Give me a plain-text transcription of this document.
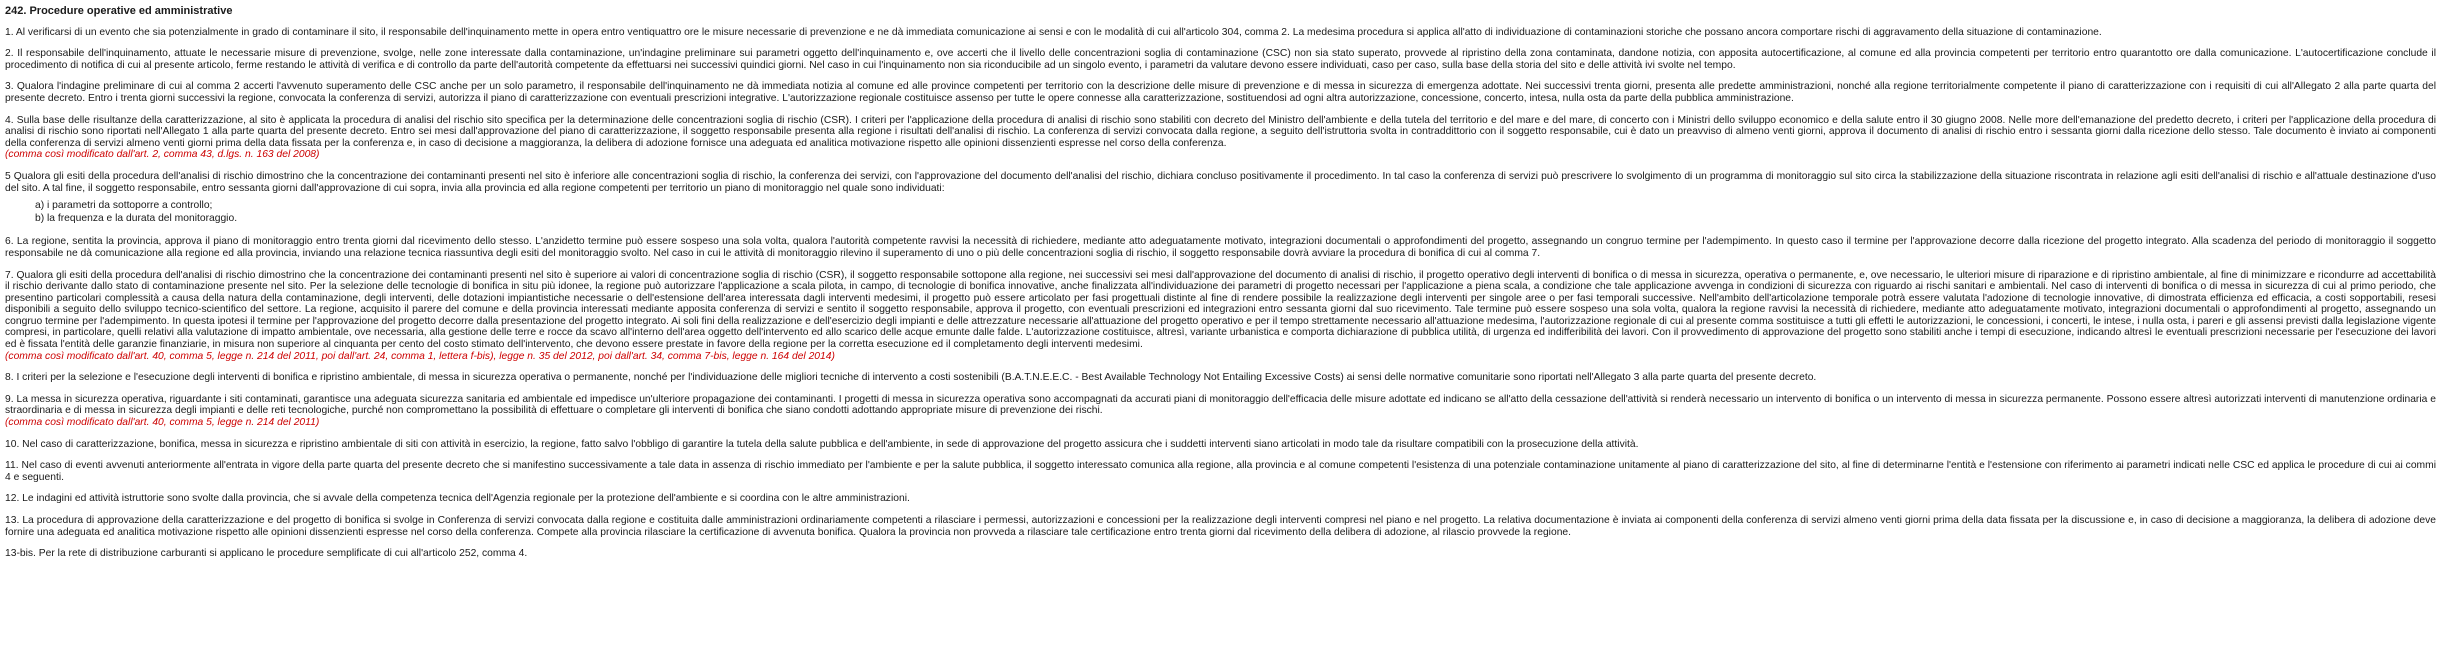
242. Procedure operative ed amministrative

1. Al verificarsi di un evento che sia potenzialmente in grado di contaminare il sito, il responsabile dell'inquinamento mette in opera entro ventiquattro ore le misure necessarie di prevenzione e ne dà immediata comunicazione ai sensi e con le modalità di cui all'articolo 304, comma 2. La medesima procedura si applica all'atto di individuazione di contaminazioni storiche che possano ancora comportare rischi di aggravamento della situazione di contaminazione.

2. Il responsabile dell'inquinamento, attuate le necessarie misure di prevenzione, svolge, nelle zone interessate dalla contaminazione, un'indagine preliminare sui parametri oggetto dell'inquinamento e, ove accerti che il livello delle concentrazioni soglia di contaminazione (CSC) non sia stato superato, provvede al ripristino della zona contaminata, dandone notizia, con apposita autocertificazione, al comune ed alla provincia competenti per territorio entro quarantotto ore dalla comunicazione. L'autocertificazione conclude il procedimento di notifica di cui al presente articolo, ferme restando le attività di verifica e di controllo da parte dell'autorità competente da effettuarsi nei successivi quindici giorni. Nel caso in cui l'inquinamento non sia riconducibile ad un singolo evento, i parametri da valutare devono essere individuati, caso per caso, sulla base della storia del sito e delle attività ivi svolte nel tempo.

3. Qualora l'indagine preliminare di cui al comma 2 accerti l'avvenuto superamento delle CSC anche per un solo parametro, il responsabile dell'inquinamento ne dà immediata notizia al comune ed alle province competenti per territorio con la descrizione delle misure di prevenzione e di messa in sicurezza di emergenza adottate. Nei successivi trenta giorni, presenta alle predette amministrazioni, nonché alla regione territorialmente competente il piano di caratterizzazione con i requisiti di cui all'Allegato 2 alla parte quarta del presente decreto. Entro i trenta giorni successivi la regione, convocata la conferenza di servizi, autorizza il piano di caratterizzazione con eventuali prescrizioni integrative. L'autorizzazione regionale costituisce assenso per tutte le opere connesse alla caratterizzazione, sostituendosi ad ogni altra autorizzazione, concessione, concerto, intesa, nulla osta da parte della pubblica amministrazione.

4. Sulla base delle risultanze della caratterizzazione, al sito è applicata la procedura di analisi del rischio sito specifica per la determinazione delle concentrazioni soglia di rischio (CSR). I criteri per l'applicazione della procedura di analisi di rischio sono stabiliti con decreto del Ministro dell'ambiente e della tutela del territorio e del mare e del mare, di concerto con i Ministri dello sviluppo economico e della salute entro il 30 giugno 2008. Nelle more dell'emanazione del predetto decreto, i criteri per l'applicazione della procedura di analisi di rischio sono riportati nell'Allegato 1 alla parte quarta del presente decreto. Entro sei mesi dall'approvazione del piano di caratterizzazione, il soggetto responsabile presenta alla regione i risultati dell'analisi di rischio. La conferenza di servizi convocata dalla regione, a seguito dell'istruttoria svolta in contraddittorio con il soggetto responsabile, cui è dato un preavviso di almeno venti giorni, approva il documento di analisi di rischio entro i sessanta giorni dalla ricezione dello stesso. Tale documento è inviato ai componenti della conferenza di servizi almeno venti giorni prima della data fissata per la conferenza e, in caso di decisione a maggioranza, la delibera di adozione fornisce una adeguata ed analitica motivazione rispetto alle opinioni dissenzienti espresse nel corso della conferenza.
(comma così modificato dall'art. 2, comma 43, d.lgs. n. 163 del 2008)

5 Qualora gli esiti della procedura dell'analisi di rischio dimostrino che la concentrazione dei contaminanti presenti nel sito è inferiore alle concentrazioni soglia di rischio, la conferenza dei servizi, con l'approvazione del documento dell'analisi del rischio, dichiara concluso positivamente il procedimento. In tal caso la conferenza di servizi può prescrivere lo svolgimento di un programma di monitoraggio sul sito circa la stabilizzazione della situazione riscontrata in relazione agli esiti dell'analisi di rischio e all'attuale destinazione d'uso del sito. A tal fine, il soggetto responsabile, entro sessanta giorni dall'approvazione di cui sopra, invia alla provincia ed alla regione competenti per territorio un piano di monitoraggio nel quale sono individuati:

a) i parametri da sottoporre a controllo;
b) la frequenza e la durata del monitoraggio.

6. La regione, sentita la provincia, approva il piano di monitoraggio entro trenta giorni dal ricevimento dello stesso. L'anzidetto termine può essere sospeso una sola volta, qualora l'autorità competente ravvisi la necessità di richiedere, mediante atto adeguatamente motivato, integrazioni documentali o approfondimenti del progetto, assegnando un congruo termine per l'adempimento. In questo caso il termine per l'approvazione decorre dalla ricezione del progetto integrato. Alla scadenza del periodo di monitoraggio il soggetto responsabile ne dà comunicazione alla regione ed alla provincia, inviando una relazione tecnica riassuntiva degli esiti del monitoraggio svolto. Nel caso in cui le attività di monitoraggio rilevino il superamento di uno o più delle concentrazioni soglia di rischio, il soggetto responsabile dovrà avviare la procedura di bonifica di cui al comma 7.

7. Qualora gli esiti della procedura dell'analisi di rischio dimostrino che la concentrazione dei contaminanti presenti nel sito è superiore ai valori di concentrazione soglia di rischio (CSR), il soggetto responsabile sottopone alla regione, nei successivi sei mesi dall'approvazione del documento di analisi di rischio, il progetto operativo degli interventi di bonifica o di messa in sicurezza, operativa o permanente, e, ove necessario, le ulteriori misure di riparazione e di ripristino ambientale, al fine di minimizzare e ricondurre ad accettabilità il rischio derivante dallo stato di contaminazione presente nel sito. Per la selezione delle tecnologie di bonifica in situ più idonee, la regione può autorizzare l'applicazione a scala pilota, in campo, di tecnologie di bonifica innovative, anche finalizzata all'individuazione dei parametri di progetto necessari per l'applicazione a piena scala, a condizione che tale applicazione avvenga in condizioni di sicurezza con riguardo ai rischi sanitari e ambientali. Nel caso di interventi di bonifica o di messa in sicurezza di cui al primo periodo, che presentino particolari complessità a causa della natura della contaminazione, degli interventi, delle dotazioni impiantistiche necessarie o dell'estensione dell'area interessata dagli interventi medesimi, il progetto può essere articolato per fasi progettuali distinte al fine di rendere possibile la realizzazione degli interventi per singole aree o per fasi temporali successive. Nell'ambito dell'articolazione temporale potrà essere valutata l'adozione di tecnologie innovative, di dimostrata efficienza ed efficacia, a costi sopportabili, resesi disponibili a seguito dello sviluppo tecnico-scientifico del settore. La regione, acquisito il parere del comune e della provincia interessati mediante apposita conferenza di servizi e sentito il soggetto responsabile, approva il progetto, con eventuali prescrizioni ed integrazioni entro sessanta giorni dal suo ricevimento. Tale termine può essere sospeso una sola volta, qualora la regione ravvisi la necessità di richiedere, mediante atto adeguatamente motivato, integrazioni documentali o approfondimenti al progetto, assegnando un congruo termine per l'adempimento. In questa ipotesi il termine per l'approvazione del progetto decorre dalla presentazione del progetto integrato. Ai soli fini della realizzazione e dell'esercizio degli impianti e delle attrezzature necessarie all'attuazione del progetto operativo e per il tempo strettamente necessario all'attuazione medesima, l'autorizzazione regionale di cui al presente comma sostituisce a tutti gli effetti le autorizzazioni, le concessioni, i concerti, le intese, i nulla osta, i pareri e gli assensi previsti dalla legislazione vigente compresi, in particolare, quelli relativi alla valutazione di impatto ambientale, ove necessaria, alla gestione delle terre e rocce da scavo all'interno dell'area oggetto dell'intervento ed allo scarico delle acque emunte dalle falde. L'autorizzazione costituisce, altresì, variante urbanistica e comporta dichiarazione di pubblica utilità, di urgenza ed indifferibilità dei lavori. Con il provvedimento di approvazione del progetto sono stabiliti anche i tempi di esecuzione, indicando altresì le eventuali prescrizioni necessarie per l'esecuzione dei lavori ed è fissata l'entità delle garanzie finanziarie, in misura non superiore al cinquanta per cento del costo stimato dell'intervento, che devono essere prestate in favore della regione per la corretta esecuzione ed il completamento degli interventi medesimi.
(comma così modificato dall'art. 40, comma 5, legge n. 214 del 2011, poi dall'art. 24, comma 1, lettera f-bis), legge n. 35 del 2012, poi dall'art. 34, comma 7-bis, legge n. 164 del 2014)

8. I criteri per la selezione e l'esecuzione degli interventi di bonifica e ripristino ambientale, di messa in sicurezza operativa o permanente, nonché per l'individuazione delle migliori tecniche di intervento a costi sostenibili (B.A.T.N.E.E.C. - Best Available Technology Not Entailing Excessive Costs) ai sensi delle normative comunitarie sono riportati nell'Allegato 3 alla parte quarta del presente decreto.

9. La messa in sicurezza operativa, riguardante i siti contaminati, garantisce una adeguata sicurezza sanitaria ed ambientale ed impedisce un'ulteriore propagazione dei contaminanti. I progetti di messa in sicurezza operativa sono accompagnati da accurati piani di monitoraggio dell'efficacia delle misure adottate ed indicano se all'atto della cessazione dell'attività si renderà necessario un intervento di bonifica o un intervento di messa in sicurezza permanente. Possono essere altresì autorizzati interventi di manutenzione ordinaria e straordinaria e di messa in sicurezza degli impianti e delle reti tecnologiche, purché non compromettano la possibilità di effettuare o completare gli interventi di bonifica che siano condotti adottando appropriate misure di prevenzione dei rischi.
(comma così modificato dall'art. 40, comma 5, legge n. 214 del 2011)

10. Nel caso di caratterizzazione, bonifica, messa in sicurezza e ripristino ambientale di siti con attività in esercizio, la regione, fatto salvo l'obbligo di garantire la tutela della salute pubblica e dell'ambiente, in sede di approvazione del progetto assicura che i suddetti interventi siano articolati in modo tale da risultare compatibili con la prosecuzione della attività.

11. Nel caso di eventi avvenuti anteriormente all'entrata in vigore della parte quarta del presente decreto che si manifestino successivamente a tale data in assenza di rischio immediato per l'ambiente e per la salute pubblica, il soggetto interessato comunica alla regione, alla provincia e al comune competenti l'esistenza di una potenziale contaminazione unitamente al piano di caratterizzazione del sito, al fine di determinarne l'entità e l'estensione con riferimento ai parametri indicati nelle CSC ed applica le procedure di cui ai commi 4 e seguenti.

12. Le indagini ed attività istruttorie sono svolte dalla provincia, che si avvale della competenza tecnica dell'Agenzia regionale per la protezione dell'ambiente e si coordina con le altre amministrazioni.

13. La procedura di approvazione della caratterizzazione e del progetto di bonifica si svolge in Conferenza di servizi convocata dalla regione e costituita dalle amministrazioni ordinariamente competenti a rilasciare i permessi, autorizzazioni e concessioni per la realizzazione degli interventi compresi nel piano e nel progetto. La relativa documentazione è inviata ai componenti della conferenza di servizi almeno venti giorni prima della data fissata per la discussione e, in caso di decisione a maggioranza, la delibera di adozione deve fornire una adeguata ed analitica motivazione rispetto alle opinioni dissenzienti espresse nel corso della conferenza. Compete alla provincia rilasciare la certificazione di avvenuta bonifica. Qualora la provincia non provveda a rilasciare tale certificazione entro trenta giorni dal ricevimento della delibera di adozione, al rilascio provvede la regione.

13-bis. Per la rete di distribuzione carburanti si applicano le procedure semplificate di cui all'articolo 252, comma 4.
